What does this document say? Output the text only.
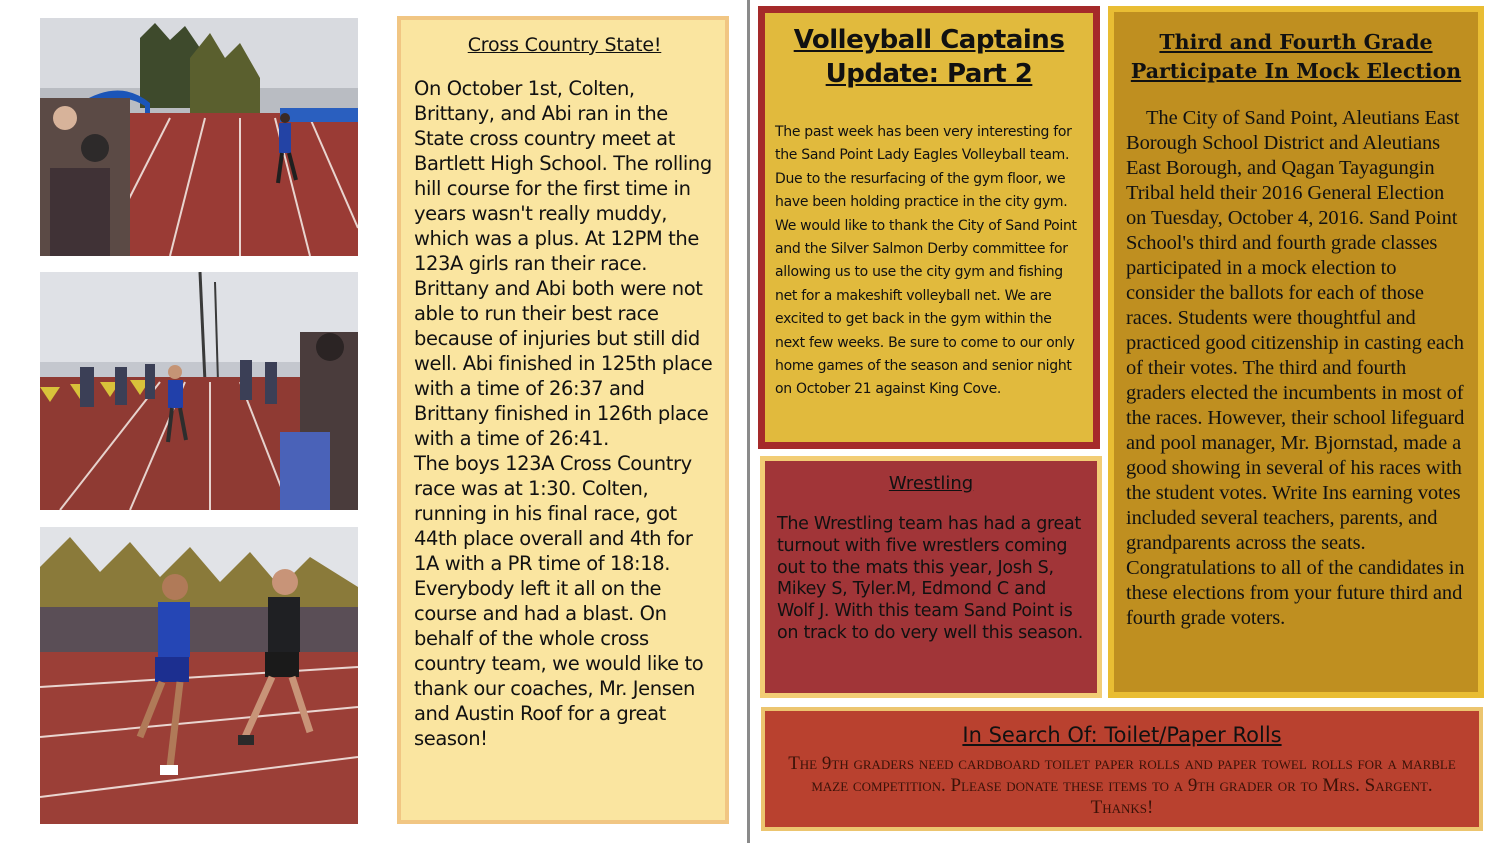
Cross Country State!

On October 1st, Colten, Brittany, and Abi ran in the State cross country meet at Bartlett High School. The rolling hill course for the first time in years wasn't really muddy, which was a plus. At 12PM the 123A girls ran their race. Brittany and Abi both were not able to run their best race because of injuries but still did well. Abi finished in 125th place with a time of 26:37 and Brittany finished in 126th place with a time of 26:41.
The boys 123A Cross Country race was at 1:30. Colten, running in his final race, got 44th place overall and 4th for 1A with a PR time of 18:18. Everybody left it all on the course and had a blast. On behalf of the whole cross country team, we would like to thank our coaches, Mr. Jensen and Austin Roof for a great season!

Volleyball Captains
Update: Part 2

The past week has been very interesting for the Sand Point Lady Eagles Volleyball team. Due to the resurfacing of the gym floor, we have been holding practice in the city gym. We would like to thank the City of Sand Point and the Silver Salmon Derby committee for allowing us to use the city gym and fishing net for a makeshift volleyball net. We are excited to get back in the gym within the next few weeks. Be sure to come to our only home games of the season and senior night on October 21 against King Cove.

Wrestling

The Wrestling team has had a great turnout with five wrestlers coming out to the mats this year, Josh S, Mikey S, Tyler.M, Edmond C and Wolf J. With this team Sand Point is on track to do very well this season.

Third and Fourth Grade
Participate In Mock Election

The City of Sand Point, Aleutians East Borough School District and Aleutians East Borough, and Qagan Tayagungin Tribal held their 2016 General Election on Tuesday, October 4, 2016. Sand Point School's third and fourth grade classes participated in a mock election to consider the ballots for each of those races. Students were thoughtful and practiced good citizenship in casting each of their votes. The third and fourth graders elected the incumbents in most of the races. However, their school lifeguard and pool manager, Mr. Bjornstad, made a good showing in several of his races with the student votes. Write Ins earning votes included several teachers, parents, and grandparents across the seats. Congratulations to all of the candidates in these elections from your future third and fourth grade voters.

In Search Of: Toilet/Paper Rolls

The 9th graders need cardboard toilet paper rolls and paper towel rolls for a marble maze competition. Please donate these items to a 9th grader or to Mrs. Sargent. Thanks!
